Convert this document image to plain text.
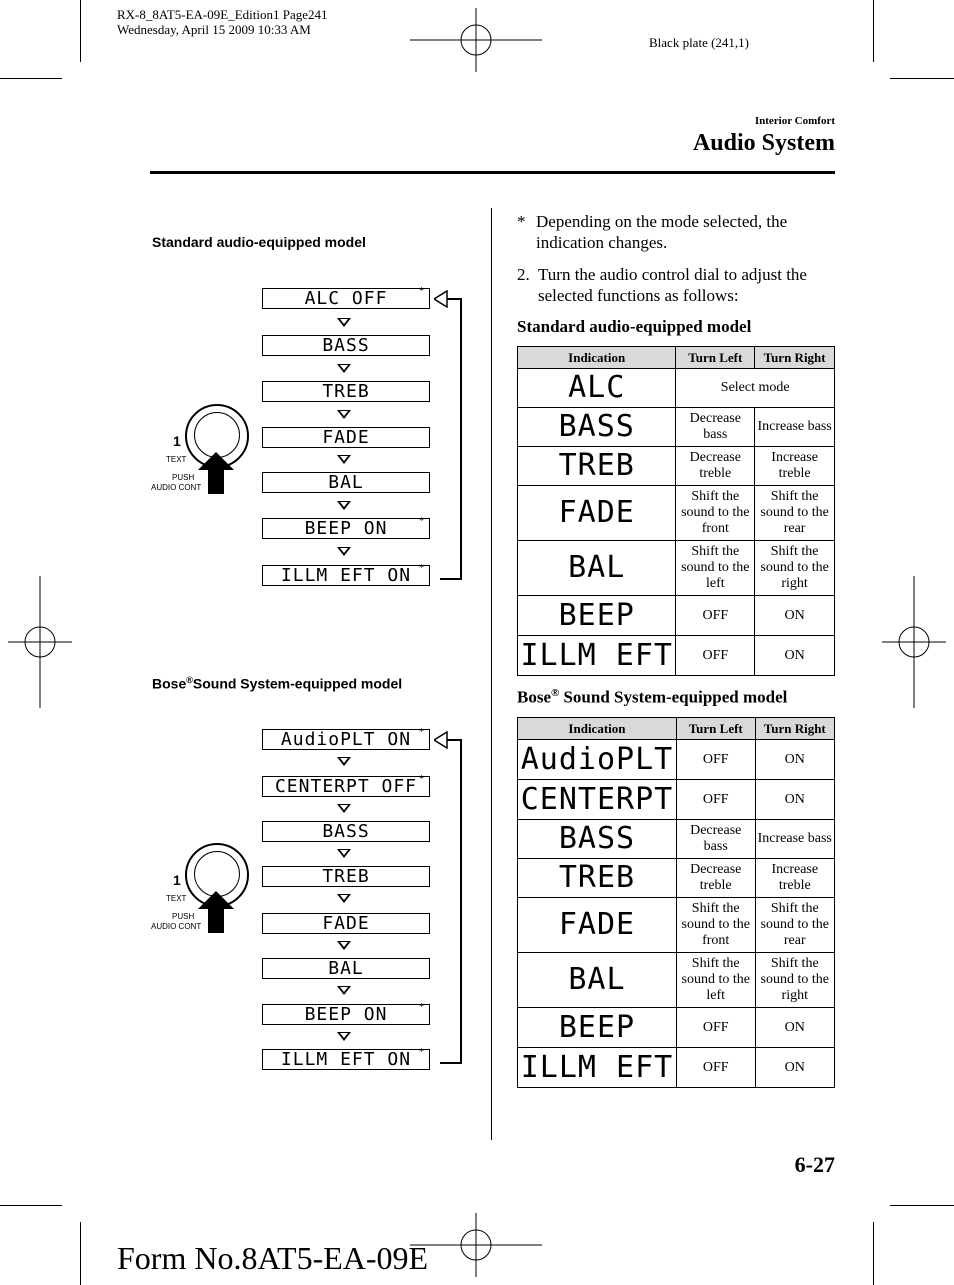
RX-8_8AT5-EA-09E_Edition1 Page241
Wednesday, April 15 2009 10:33 AM
Black plate (241,1)
Interior Comfort
Audio System
Standard audio-equipped model
ALC OFF	*
BASS
TREB
FADE
BAL
BEEP ON	*
ILLM EFT ON *
1
TEXT
PUSH
AUDIO CONT
Bose®Sound System-equipped model
AudioPLT ON *
CENTERPT OFF *
BASS
TREB
FADE
BAL
BEEP ON	*
ILLM EFT ON *
1
TEXT
PUSH
AUDIO CONT
* Depending on the mode selected, the indication changes.
2. Turn the audio control dial to adjust the selected functions as follows:
Standard audio-equipped model
Indication	Turn Left	Turn Right
ALC	Select mode	
BASS	Decrease bass	Increase bass
TREB	Decrease treble	Increase treble
FADE	Shift the sound to the front	Shift the sound to the rear
BAL	Shift the sound to the left	Shift the sound to the right
BEEP	OFF	ON
ILLM EFT	OFF	ON
Bose® Sound System-equipped model
Indication	Turn Left	Turn Right
AudioPLT	OFF	ON
CENTERPT	OFF	ON
BASS	Decrease bass	Increase bass
TREB	Decrease treble	Increase treble
FADE	Shift the sound to the front	Shift the sound to the rear
BAL	Shift the sound to the left	Shift the sound to the right
BEEP	OFF	ON
ILLM EFT	OFF	ON
6-27
Form No.8AT5-EA-09E
